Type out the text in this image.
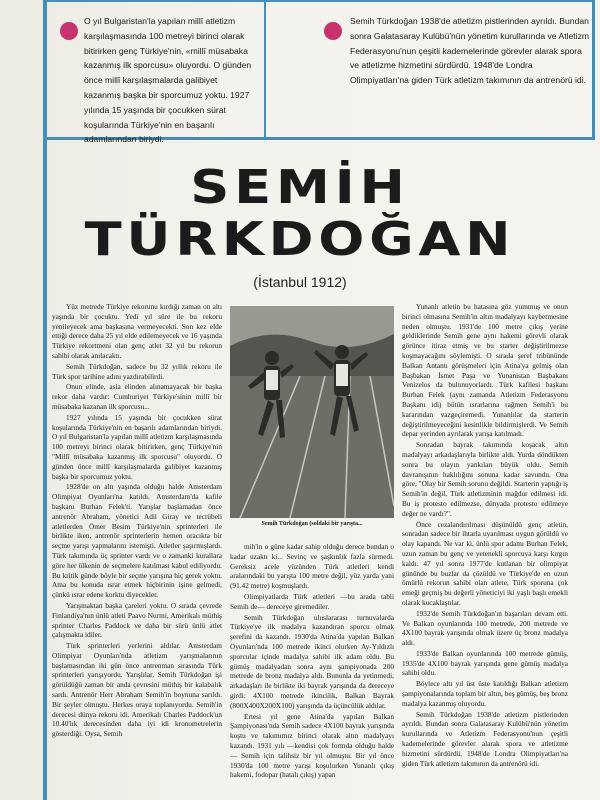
O yıl Bulgaristan'la yapılan millî atletizm karşılaşmasında 100 metreyi birinci olarak bitirirken genç Türkiye'nin, «millî müsabaka kazanmış ilk sporcusu» oluyordu. O günden önce millî karşılaşmalarda galibiyet kazanmış başka bir sporcumuz yoktu. 1927 yılında 15 yaşında bir çocukken sürat koşularında Türkiye'nin en başarılı adamlarından biriydi.
Semih Türkdoğan 1938'de atletizm pistlerinden ayrıldı. Bundan sonra Galatasaray Kulübü'nün yönetim kurullarında ve Atletizm Federasyonu'nun çeşitli kademelerinde görevler alarak spora ve atletizme hizmetini sürdürdü. 1948'de Londra Olimpiyatları'na giden Türk atletizm takımının da antrenörü idi.
SEMİH
TÜRKDOĞAN
(İstanbul 1912)

Yüz metrede Türkiye rekorunu kırdığı zaman on altı yaşında bir çocuktu. Yedi yıl süre ile bu rekoru yenileyecek ama başkasına vermeyecekti. Son kez elde ettiği derece daha 25 yıl elde edilemeyecek ve 16 yaşında Türkiye rekortmeni olan genç atlet 32 yıl bu rekorun sahibi olarak anılacaktı.

Semih Türkdoğan, sadece bu 32 yıllık rekoru ile Türk spor tarihine adını yazdırabilirdi.

Onun elinde, asla elinden alınamayacak bir başka rekor daha vardır: Cumhuriyet Türkiye'sinin millî bir müsabaka kazanan ilk sporcusu...

1927 yılında 15 yaşında bir çocukken sürat koşularında Türkiye'nin en başarılı adamlarından biriydi. O yıl Bulgaristan'la yapılan millî atletizm karşılaşmasında 100 metreyi birinci olarak bitirirken, genç Türkiye'nin "Millî müsabaka kazanmış ilk sporcusu" oluyordu. O günden önce millî karşılaşmalarda galibiyet kazanmış başka bir sporcumuz yoktu.

1928'de on altı yaşında olduğu halde Amsterdam Olimpiyat Oyunları'na katıldı. Amsterdam'da kafile başkanı Burhan Felek'ti. Yarışlar başlamadan önce antrenör Abraham, yönetici Adil Giray ve tecrübeli atletlerden Ömer Besim Türkiye'nin sprinterleri ile birlikte iken, antrenör sprinterlerin hemen oracıkta bir seçme yarışı yapmalarını istemişti. Atletler şaşırmışlardı. Türk takımında üç sprinter vardı ve o zamanki kurallara göre her ülkenin de seçmelere katılması kabul ediliyordu. Bu kritik günde böyle bir seçme yarışına hiç gerek yoktu. Ama bu konuda ısrar etmek hiçbirinin işine gelmedi, çünkü ısrar edene korktu diyecekler.

Yarışmaktan başka çareleri yoktu. O sırada çevrede Finlandiya'nın ünlü atleti Paavo Nurmi, Amerikalı müthiş sprinter Charles Paddock ve daha bir sürü ünlü atlet çalışmakta idiler.

Türk sprinterleri yerlerini aldılar. Amsterdam Olimpiyat Oyunları'nda atletizm yarışmalarının başlamasından iki gün önce antrenman sırasında Türk sprinterleri yarışıyordu. Yarışlılar, Semih Türkdoğan işi görüldüğü zaman bir anda çevresini müthiş bir kalabalık sardı. Antrenör Herr Abraham Semih'in boynuna sarıldı. Bir şeyler olmuştu. Herkes oraya toplanıyordu. Semih'in derecesi dünya rekoru idi. Amerikalı Charles Paddock'un 10.40'lık derecesinden daha iyi idi kronometrelerin gösterdiği. Oysa, Semih

Semih Türkdoğan (soldaki bir yarışta...

mih'in o güne kadar sahip olduğu derece bundan o kadar uzaktı ki... Sevinç ve şaşkınlık fazla sürmedi. Gereksiz acele yüzünden Türk atletleri kendi aralarındaki bu yarışta 100 metre değil, yüz yarda yani (91.42 metre) koşmuşlardı.

Olimpiyatlarda Türk atletleri —bu arada tabii Semih de— dereceye giremediler.

Semih Türkdoğan uluslararası turnuvalarda Türkiye'ye ilk madalya kazandıran sporcu olmak şerefini da kazandı. 1930'da Atina'da yapılan Balkan Oyunları'nda 100 metrede ikinci olurken Ay-Yıldızlı sporcular içinde madalya sahibi ilk adam oldu. Bu gümüş madalyadan sonra aynı şampiyonada 200 metrede de bronz madalya aldı. Bununla da yetinmedi, arkadaşları ile birlikte iki bayrak yarışında da dereceye girdi: 4X100 metrede ikincilik, Balkan Bayrak (800X400X200X100) yarışında da üçüncülük aldılar.

Ertesi yıl gene Atina'da yapılan Balkan Şampiyonası'nda Semih sadece 4X100 bayrak yarışında koştu ve takımımız birinci olarak altın madalyayı kazandı. 1931 yılı —kendisi çok formda olduğu halde— Semih için talihsiz bir yıl olmuştu. Bir yıl önce 1930'da 100 metre yarışı koşulurken Yunanlı çıkış hakemi, fodopar (hatalı çıkış) yapan

Yunanlı atletin bu hatasına göz yummuş ve onun birinci olmasına Semih'in altın madalyayı kaybetmesine neden olmuştu. 1931'de 100 metre çıkış yerine geldiklerinde Semih gene aynı hakemi görevli olarak görünce itiraz etmiş ve bu starter değiştirilmezse koşmayacağını söylemişti. O sırada şeref tribününde Balkan Antantı görüşmeleri için Atina'ya gelmiş olan Başbakan İsmet Paşa ve Yunanistan Başbakanı Venizelos da bulunuyorlardı. Türk kafilesi başkanı Burhan Felek (aynı zamanda Atletizm Federasyonu Başkanı idi) bütün ısrarlarına rağmen Semih'i bu kararından vazgeçiremedi. Yunanlılar da starterin değiştirilmeyeceğini kesinlikle bildirmişlerdi. Ve Semih depar yerinden ayrılarak yarışa katılmadı.

Sonradan bayrak takımında koşacak altın madalyayı arkadaşlarıyla birlikte aldı. Yurda döndükten sonra bu olayın yankıları büyük oldu. Semih davranışının haklılığını sonuna kadar savundu. Ona göre, "Olay bir Semih sorunu değildi. Starterin yaptığı iş Semih'in değil, Türk atletizminin mağdur edilmesi idi. Bu iş protesto edilmezse, dünyada protesto edilmeye değer ne vardı?".

Önce cezalandırılması düşünüldü genç atletin, sonradan sadece bir ihtarla uyarılması uygun görüldü ve olay kapandı. Ne var ki, ünlü spor adamı Burhan Felek, uzun zaman bu genç ve yetenekli sporcuya karşı kırgın kaldı. 47 yıl sonra 1977'de kutlanan bir olimpiyat gününde bu buzlar da çözüldü ve Türkiye'de en uzun ömürlü rekorun sahibi olan atlete, Türk sporuna çok emeği geçmiş bu değerli yöneticiyi iki yaşlı başlı emekli olarak kucaklaştılar.

1932'de Semih Türkdoğan'ın başarıları devam etti. Ve Balkan oyunlarında 100 metrede, 200 metrede ve 4X100 bayrak yarışında olmak üzere üç bronz madalya aldı.

1933'de Balkan oyunlarında 100 metrede gümüş, 1935'de 4X100 bayrak yarışında gene gümüş madalya sahibi oldu.

Böylece altı yıl üst üste katıldığı Balkan atletizm şampiyonalarında toplam bir altın, beş gümüş, beş bronz madalya kazanmış oluyordu.

Semih Türkdoğan 1938'de atletizm pistlerinden ayrıldı. Bundan sonra Galatasaray Kulübü'nün yönetim kurullarında ve Atletizm Federasyonu'nun çeşitli kademelerinde görevler alarak spora ve atletizme hizmetini sürdürdü. 1948'de Londra Olimpiyatları'na giden Türk atletizm takımının da antrenörü idi.
